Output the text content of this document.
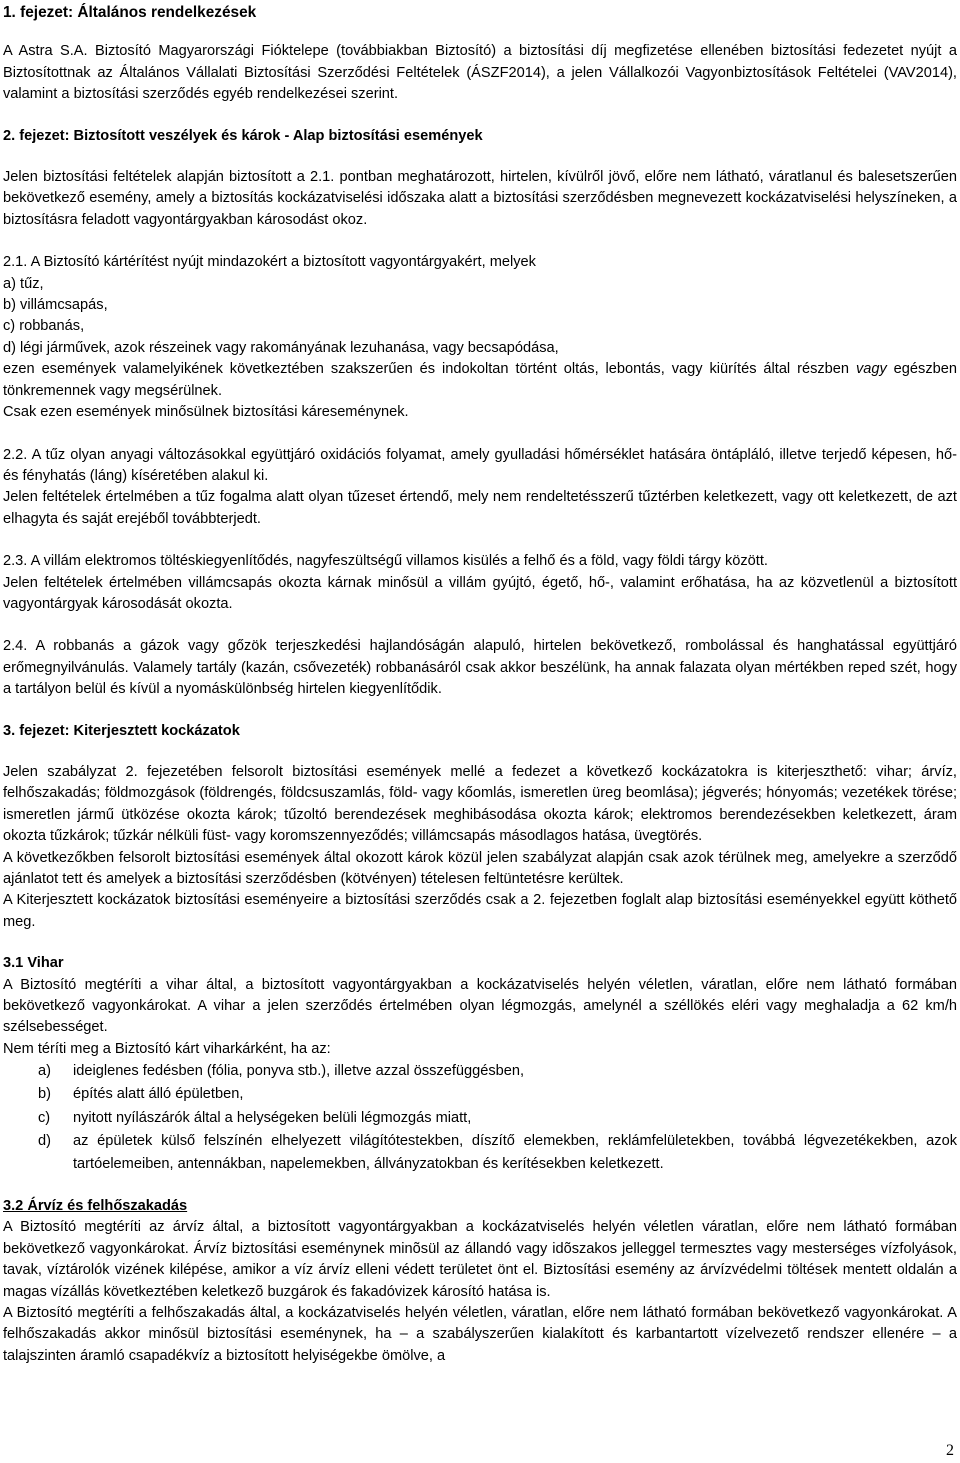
1. fejezet: Általános rendelkezések

A Astra S.A. Biztosító Magyarországi Fióktelepe (továbbiakban Biztosító) a biztosítási díj megfizetése ellenében biztosítási fedezetet nyújt a Biztosítottnak az Általános Vállalati Biztosítási Szerződési Feltételek (ÁSZF2014), a jelen Vállalkozói Vagyonbiztosítások Feltételei (VAV2014), valamint a biztosítási szerződés egyéb rendelkezései szerint.

2. fejezet: Biztosított veszélyek és károk - Alap biztosítási események

Jelen biztosítási feltételek alapján biztosított a 2.1. pontban meghatározott, hirtelen, kívülről jövő, előre nem látható, váratlanul és balesetszerűen bekövetkező esemény, amely a biztosítás kockázatviselési időszaka alatt a biztosítási szerződésben megnevezett kockázatviselési helyszíneken, a biztosításra feladott vagyontárgyakban károsodást okoz.

2.1. A Biztosító kártérítést nyújt mindazokért a biztosított vagyontárgyakért, melyek

a) tűz,

b) villámcsapás,

c) robbanás,

d) légi járművek, azok részeinek vagy rakományának lezuhanása, vagy becsapódása,

ezen események valamelyikének következtében szakszerűen és indokoltan történt oltás, lebontás, vagy kiürítés által részben vagy egészben tönkremennek vagy megsérülnek.

Csak ezen események minősülnek biztosítási káreseménynek.

2.2. A tűz olyan anyagi változásokkal együttjáró oxidációs folyamat, amely gyulladási hőmérséklet hatására öntápláló, illetve terjedő képesen, hő- és fényhatás (láng) kíséretében alakul ki.

Jelen feltételek értelmében a tűz fogalma alatt olyan tűzeset értendő, mely nem rendeltetésszerű tűztérben keletkezett, vagy ott keletkezett, de azt elhagyta és saját erejéből továbbterjedt.

2.3. A villám elektromos töltéskiegyenlítődés, nagyfeszültségű villamos kisülés a felhő és a föld, vagy földi tárgy között.

Jelen feltételek értelmében villámcsapás okozta kárnak minősül a villám gyújtó, égető, hő-, valamint erőhatása, ha az közvetlenül a biztosított vagyontárgyak károsodását okozta.

2.4. A robbanás a gázok vagy gőzök terjeszkedési hajlandóságán alapuló, hirtelen bekövetkező, rombolással és hanghatással együttjáró erőmegnyilvánulás. Valamely tartály (kazán, csővezeték) robbanásáról csak akkor beszélünk, ha annak falazata olyan mértékben reped szét, hogy a tartályon belül és kívül a nyomáskülönbség hirtelen kiegyenlítődik.

3. fejezet: Kiterjesztett kockázatok

Jelen szabályzat 2. fejezetében felsorolt biztosítási események mellé a fedezet a következő kockázatokra is kiterjeszthető: vihar; árvíz, felhőszakadás; földmozgások (földrengés, földcsuszamlás, föld- vagy kőomlás, ismeretlen üreg beomlása); jégverés; hónyomás; vezetékek törése; ismeretlen jármű ütközése okozta károk; tűzoltó berendezések meghibásodása okozta károk; elektromos berendezésekben keletkezett, áram okozta tűzkárok; tűzkár nélküli füst- vagy koromszennyeződés; villámcsapás másodlagos hatása, üvegtörés.

A következőkben felsorolt biztosítási események által okozott károk közül jelen szabályzat alapján csak azok térülnek meg, amelyekre a szerződő ajánlatot tett és amelyek a biztosítási szerződésben (kötvényen) tételesen feltüntetésre kerültek.

A Kiterjesztett kockázatok biztosítási eseményeire a biztosítási szerződés csak a 2. fejezetben foglalt alap biztosítási eseményekkel együtt köthető meg.

3.1 Vihar

A Biztosító megtéríti a vihar által, a biztosított vagyontárgyakban a kockázatviselés helyén véletlen, váratlan, előre nem látható formában bekövetkező vagyonkárokat. A vihar a jelen szerződés értelmében olyan légmozgás, amelynél a széllökés eléri vagy meghaladja a 62 km/h szélsebességet.

Nem téríti meg a Biztosító kárt viharkárként, ha az:

a) ideiglenes fedésben (fólia, ponyva stb.), illetve azzal összefüggésben,
b) építés alatt álló épületben,
c) nyitott nyílászárók által a helységeken belüli légmozgás miatt,
d) az épületek külső felszínén elhelyezett világítótestekben, díszítő elemekben, reklámfelületekben, továbbá légvezetékekben, azok tartóelemeiben, antennákban, napelemekben, állványzatokban és kerítésekben keletkezett.

3.2 Árvíz és felhőszakadás

A Biztosító megtéríti az árvíz által, a biztosított vagyontárgyakban a kockázatviselés helyén véletlen váratlan, előre nem látható formában bekövetkező vagyonkárokat. Árvíz biztosítási eseménynek minõsül az állandó vagy idõszakos jelleggel termesztes vagy mesterséges vízfolyások, tavak, víztárolók vizének kilépése, amikor a víz árvíz elleni védett területet önt el. Biztosítási esemény az árvízvédelmi töltések mentett oldalán a magas vízállás következtében keletkezõ buzgárok és fakadóvizek károsító hatása is.

A Biztosító megtéríti a felhőszakadás által, a kockázatviselés helyén véletlen, váratlan, előre nem látható formában bekövetkező vagyonkárokat. A felhőszakadás akkor minősül biztosítási eseménynek, ha – a szabályszerűen kialakított és karbantartott vízelvezető rendszer ellenére – a talajszinten áramló csapadékvíz a biztosított helyiségekbe ömölve, a

2
